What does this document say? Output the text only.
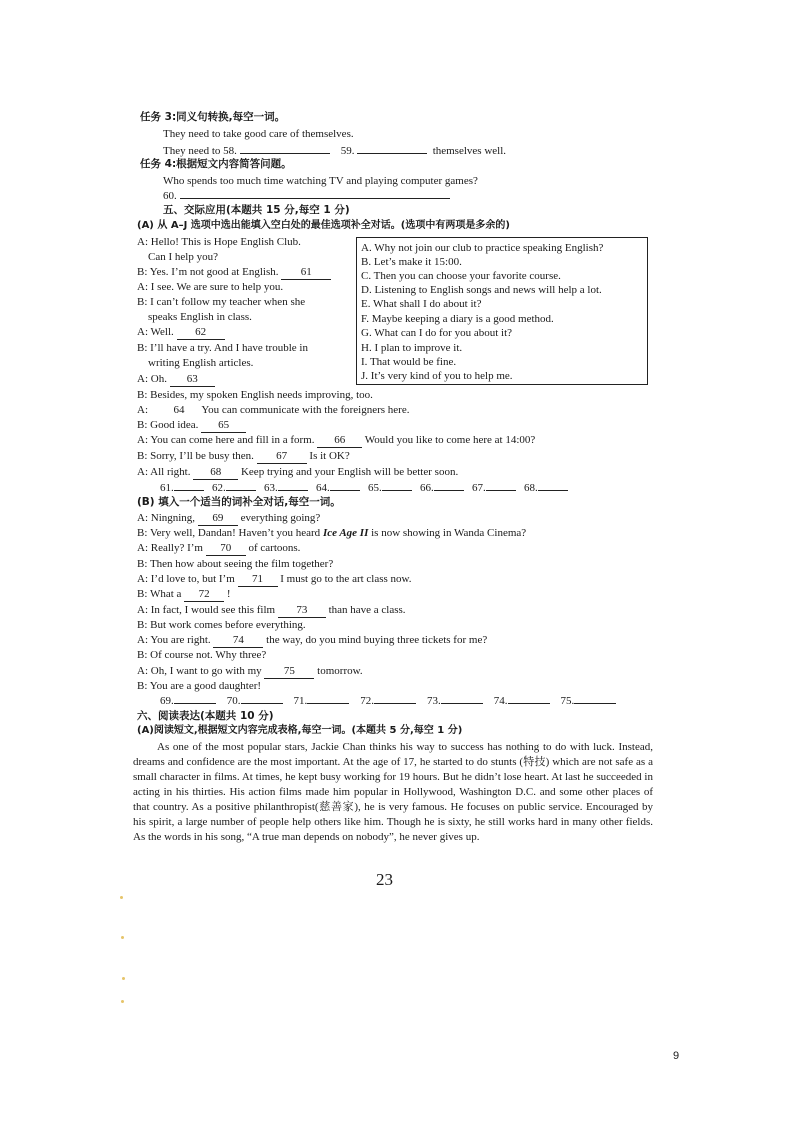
任务 3:同义句转换,每空一词。
They need to take good care of themselves.
They need to 58.	59.	themselves well.
任务 4:根据短文内容简答问题。
Who spends too much time watching TV and playing computer games?
60.
五、交际应用(本题共 15 分,每空 1 分)
(A) 从 A–J 选项中选出能填入空白处的最佳选项补全对话。(选项中有两项是多余的)
A: Hello! This is Hope English Club.
Can I help you?
B: Yes. I’m not good at English. 61
A: I see. We are sure to help you.
B: I can’t follow my teacher when she
speaks English in class.
A: Well. 62
B: I’ll have a try. And I have trouble in
writing English articles.
A: Oh. 63
A. Why not join our club to practice speaking English?
B. Let’s make it 15:00.
C. Then you can choose your favorite course.
D. Listening to English songs and news will help a lot.
E. What shall I do about it?
F. Maybe keeping a diary is a good method.
G. What can I do for you about it?
H. I plan to improve it.
I. That would be fine.
J. It’s very kind of you to help me.
B: Besides, my spoken English needs improving, too.
A: 64 You can communicate with the foreigners here.
B: Good idea. 65
A: You can come here and fill in a form. 66 Would you like to come here at 14:00?
B: Sorry, I’ll be busy then. 67 Is it OK?
A: All right. 68 Keep trying and your English will be better soon.
61.	62.	63.	64.	65.	66.	67.	68.
(B) 填入一个适当的词补全对话,每空一词。
A: Ningning, 69 everything going?
B: Very well, Dandan! Haven’t you heard Ice Age II is now showing in Wanda Cinema?
A: Really? I’m 70 of cartoons.
B: Then how about seeing the film together?
A: I’d love to, but I’m 71 I must go to the art class now.
B: What a 72 !
A: In fact, I would see this film 73 than have a class.
B: But work comes before everything.
A: You are right. 74 the way, do you mind buying three tickets for me?
B: Of course not. Why three?
A: Oh, I want to go with my 75 tomorrow.
B: You are a good daughter!
69.	70.	71.	72.	73.	74.	75.
六、阅读表达(本题共 10 分)
(A)阅读短文,根据短文内容完成表格,每空一词。(本题共 5 分,每空 1 分)

As one of the most popular stars, Jackie Chan thinks his way to success has nothing to do with luck. Instead, dreams and confidence are the most important. At the age of 17, he started to do stunts (特技) which are not safe as a small character in films. At times, he kept busy working for 19 hours. But he didn’t lose heart. At last he succeeded in acting in his thirties. His action films made him popular in Hollywood, Washington D.C. and some other places of that country. As a positive philanthropist(慈善家), he is very famous. He focuses on public service. Encouraged by his spirit, a large number of people help others like him. Though he is sixty, he still works hard in many other fields. As the words in his song, “A true man depends on nobody”, he never gives up.

23
9
